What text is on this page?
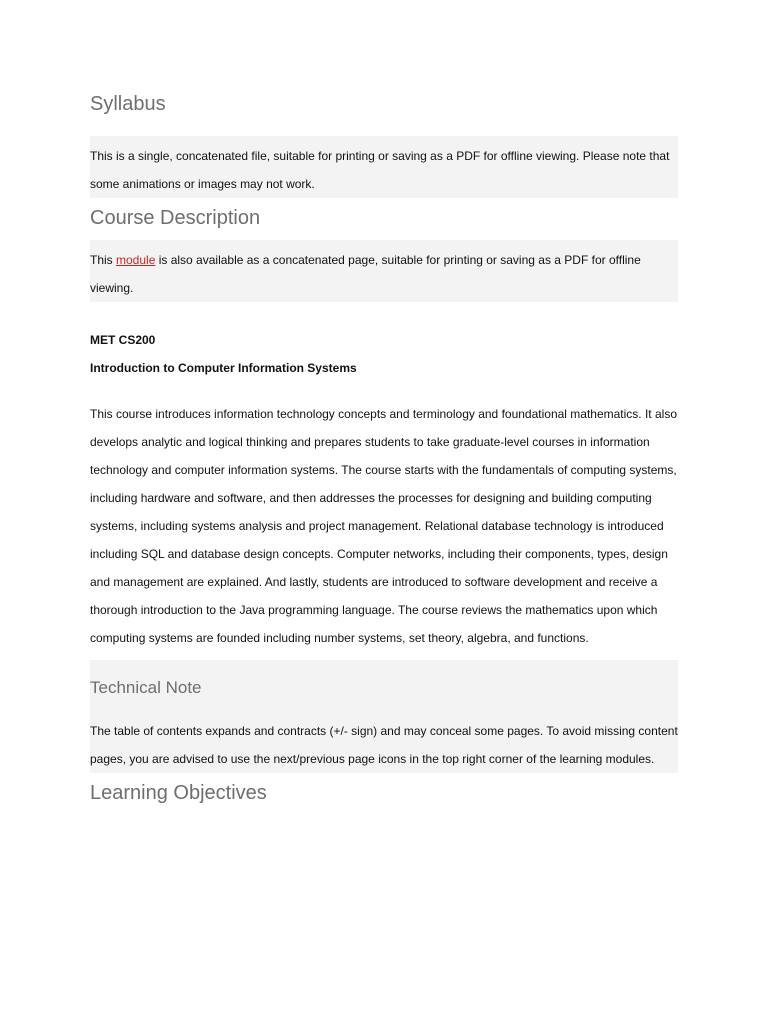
Syllabus

This is a single, concatenated file, suitable for printing or saving as a PDF for offline viewing. Please note that some animations or images may not work.

Course Description

This module is also available as a concatenated page, suitable for printing or saving as a PDF for offline viewing.

MET CS200

Introduction to Computer Information Systems

This course introduces information technology concepts and terminology and foundational mathematics. It also develops analytic and logical thinking and prepares students to take graduate-level courses in information technology and computer information systems. The course starts with the fundamentals of computing systems, including hardware and software, and then addresses the processes for designing and building computing systems, including systems analysis and project management. Relational database technology is introduced including SQL and database design concepts. Computer networks, including their components, types, design and management are explained. And lastly, students are introduced to software development and receive a thorough introduction to the Java programming language. The course reviews the mathematics upon which computing systems are founded including number systems, set theory, algebra, and functions.

Technical Note

The table of contents expands and contracts (+/- sign) and may conceal some pages. To avoid missing content pages, you are advised to use the next/previous page icons in the top right corner of the learning modules.

Learning Objectives
